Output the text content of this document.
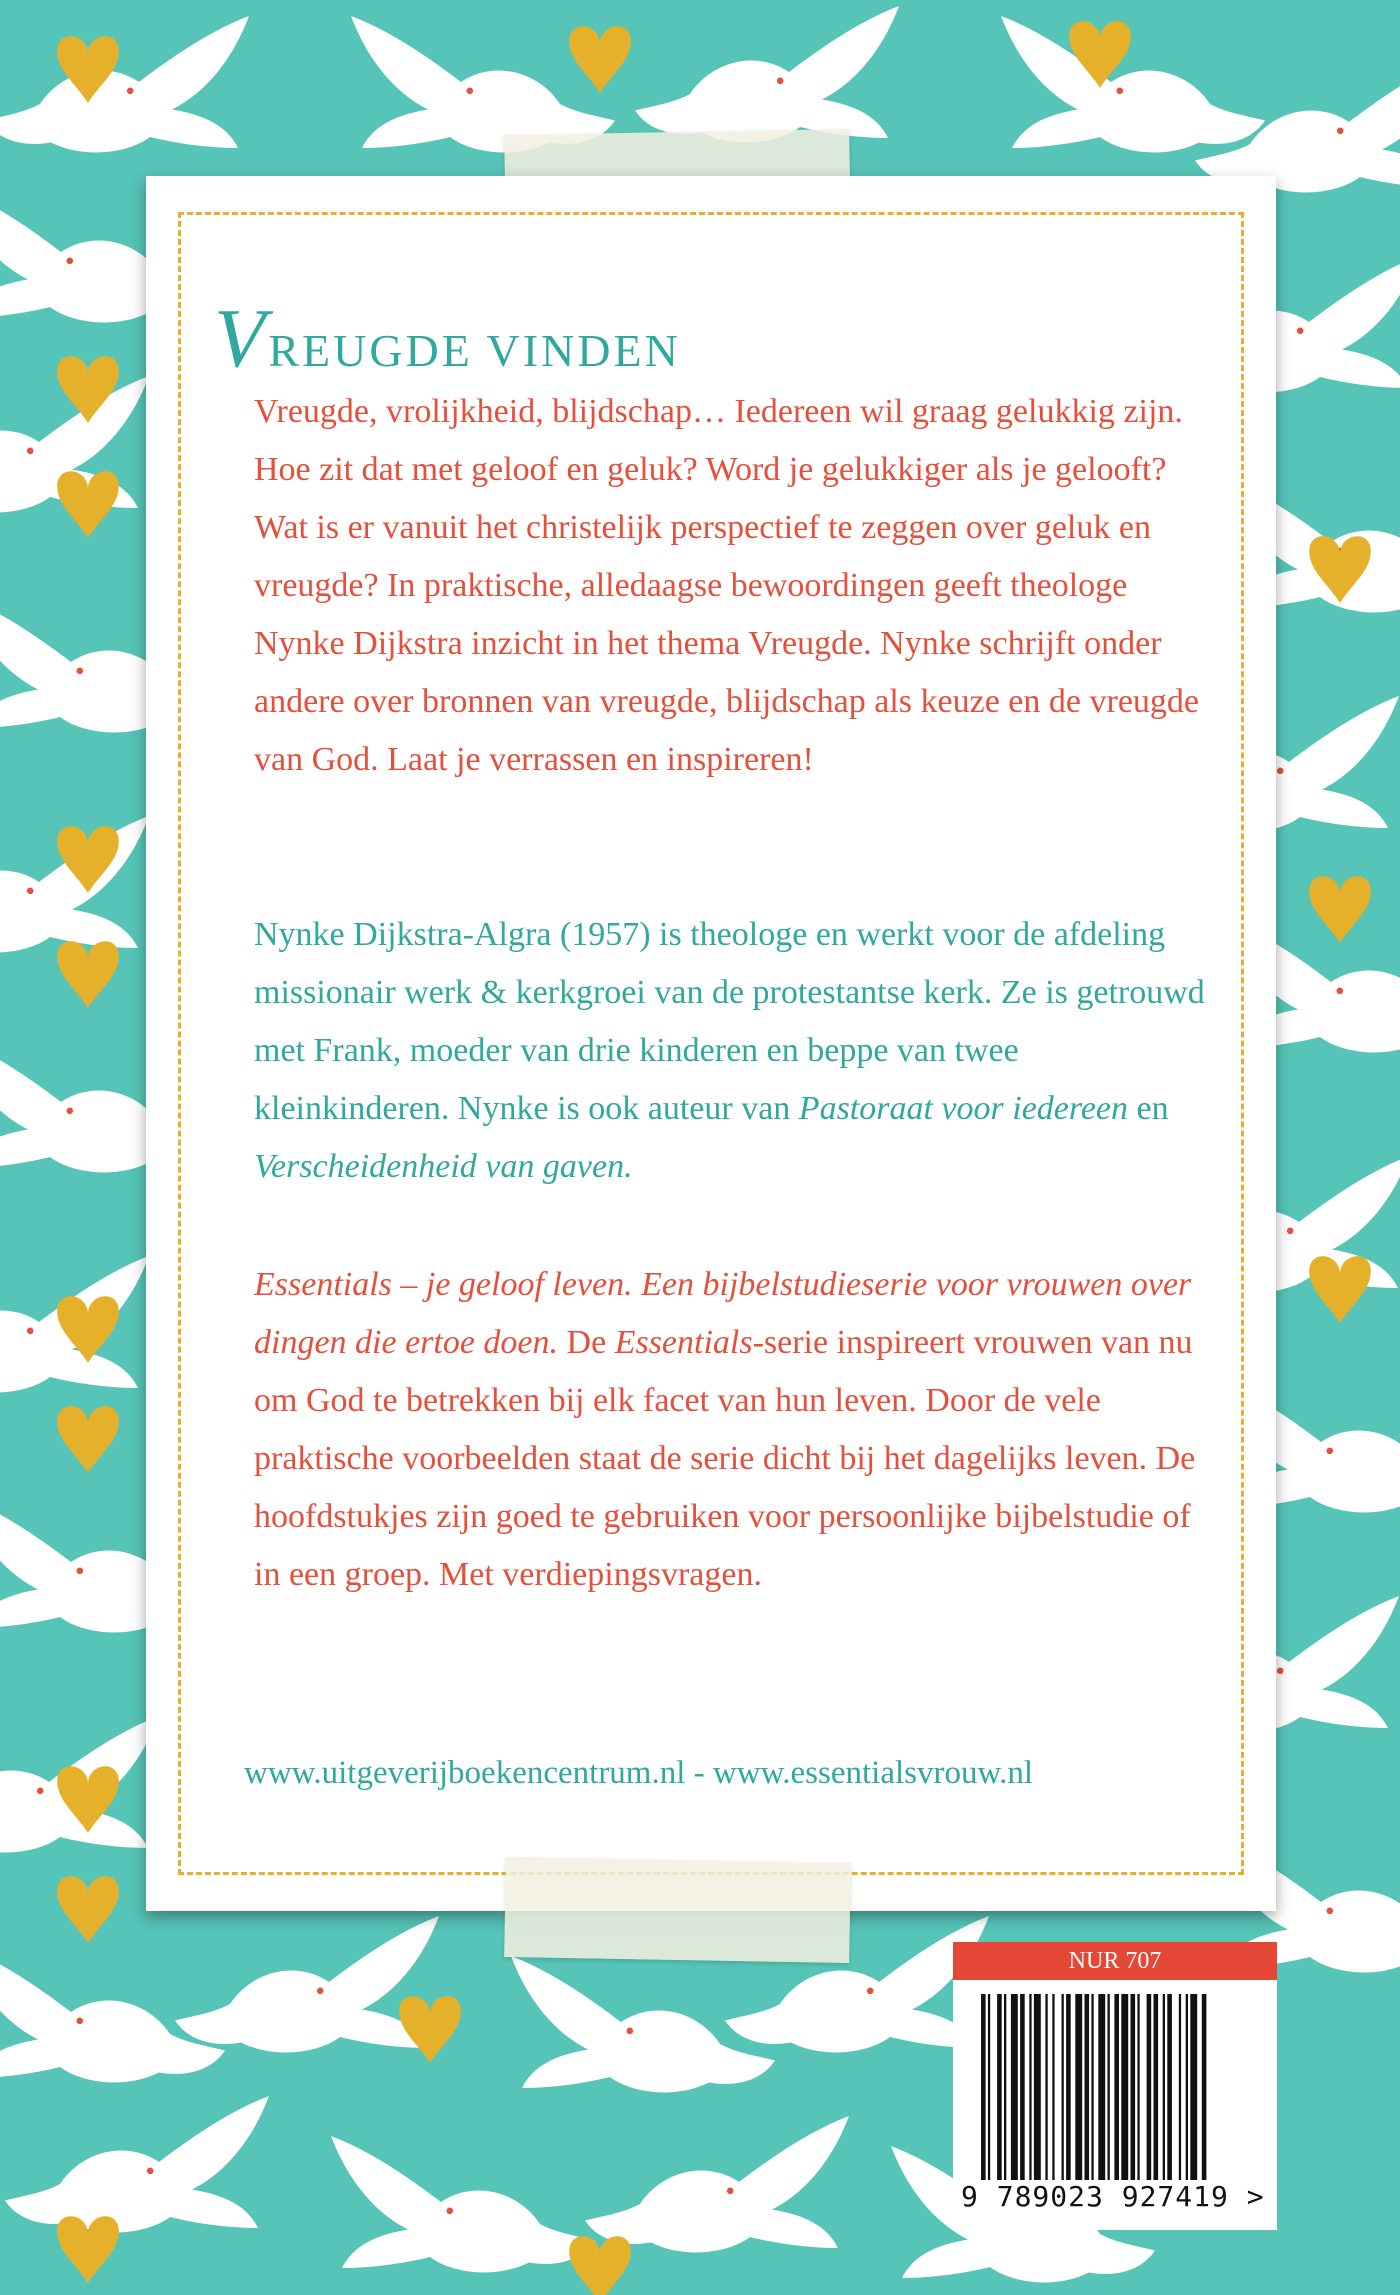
VREUGDE VINDEN
Vreugde, vrolijkheid, blijdschap… Iedereen wil graag gelukkig zijn. Hoe zit dat met geloof en geluk? Word je gelukkiger als je gelooft? Wat is er vanuit het christelijk perspectief te zeggen over geluk en vreugde? In praktische, alledaagse bewoordingen geeft theologe Nynke Dijkstra inzicht in het thema Vreugde. Nynke schrijft onder andere over bronnen van vreugde, blijdschap als keuze en de vreugde van God. Laat je verrassen en inspireren!
Nynke Dijkstra-Algra (1957) is theologe en werkt voor de afdeling missionair werk & kerkgroei van de protestantse kerk. Ze is getrouwd met Frank, moeder van drie kinderen en beppe van twee kleinkinderen. Nynke is ook auteur van Pastoraat voor iedereen en Verscheidenheid van gaven.
Essentials – je geloof leven. Een bijbelstudieserie voor vrouwen over dingen die ertoe doen. De Essentials-serie inspireert vrouwen van nu om God te betrekken bij elk facet van hun leven. Door de vele praktische voorbeelden staat de serie dicht bij het dagelijks leven. De hoofdstukjes zijn goed te gebruiken voor persoonlijke bijbelstudie of in een groep. Met verdiepingsvragen.
www.uitgeverijboekencentrum.nl - www.essentialsvrouw.nl
NUR 707
9 789023 927419 >
